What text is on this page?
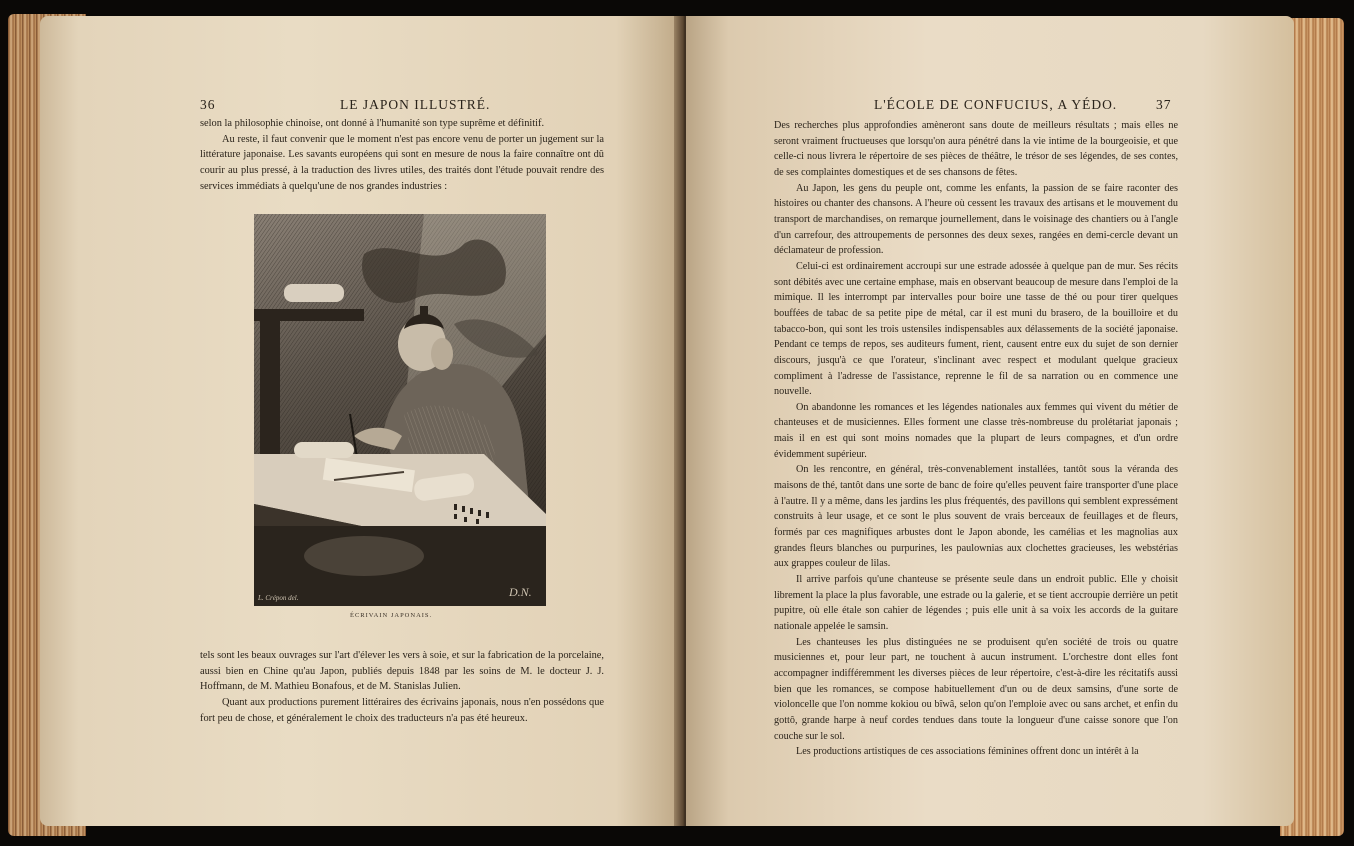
36	LE JAPON ILLUSTRÉ.

selon la philosophie chinoise, ont donné à l'humanité son type suprême et définitif.

Au reste, il faut convenir que le moment n'est pas encore venu de porter un jugement sur la littérature japonaise. Les savants européens qui sont en mesure de nous la faire connaître ont dû courir au plus pressé, à la traduction des livres utiles, des traités dont l'étude pouvait rendre des services immédiats à quelqu'une de nos grandes industries :

L. Crépon del.	D.N.
ÉCRIVAIN JAPONAIS.

tels sont les beaux ouvrages sur l'art d'élever les vers à soie, et sur la fabrication de la porcelaine, aussi bien en Chine qu'au Japon, publiés depuis 1848 par les soins de M. le docteur J. J. Hoffmann, de M. Mathieu Bonafous, et de M. Stanislas Julien.

Quant aux productions purement littéraires des écrivains japonais, nous n'en possédons que fort peu de chose, et généralement le choix des traducteurs n'a pas été heureux.

L'ÉCOLE DE CONFUCIUS, A YÉDO.	37

Des recherches plus approfondies amèneront sans doute de meilleurs résultats ; mais elles ne seront vraiment fructueuses que lorsqu'on aura pénétré dans la vie intime de la bourgeoisie, et que celle-ci nous livrera le répertoire de ses pièces de théâtre, le trésor de ses légendes, de ses contes, de ses complaintes domestiques et de ses chansons de fêtes.

Au Japon, les gens du peuple ont, comme les enfants, la passion de se faire raconter des histoires ou chanter des chansons. A l'heure où cessent les travaux des artisans et le mouvement du transport de marchandises, on remarque journellement, dans le voisinage des chantiers ou à l'angle d'un carrefour, des attroupements de personnes des deux sexes, rangées en demi-cercle devant un déclamateur de profession.

Celui-ci est ordinairement accroupi sur une estrade adossée à quelque pan de mur. Ses récits sont débités avec une certaine emphase, mais en observant beaucoup de mesure dans l'emploi de la mimique. Il les interrompt par intervalles pour boire une tasse de thé ou pour tirer quelques bouffées de tabac de sa petite pipe de métal, car il est muni du brasero, de la bouilloire et du tabacco-bon, qui sont les trois ustensiles indispensables aux délassements de la société japonaise. Pendant ce temps de repos, ses auditeurs fument, rient, causent entre eux du sujet de son dernier discours, jusqu'à ce que l'orateur, s'inclinant avec respect et modulant quelque gracieux compliment à l'adresse de l'assistance, reprenne le fil de sa narration ou en commence une nouvelle.

On abandonne les romances et les légendes nationales aux femmes qui vivent du métier de chanteuses et de musiciennes. Elles forment une classe très-nombreuse du prolétariat japonais ; mais il en est qui sont moins nomades que la plupart de leurs compagnes, et d'un ordre évidemment supérieur.

On les rencontre, en général, très-convenablement installées, tantôt sous la véranda des maisons de thé, tantôt dans une sorte de banc de foire qu'elles peuvent faire transporter d'une place à l'autre. Il y a même, dans les jardins les plus fréquentés, des pavillons qui semblent expressément construits à leur usage, et ce sont le plus souvent de vrais berceaux de feuillages et de fleurs, formés par ces magnifiques arbustes dont le Japon abonde, les camélias et les magnolias aux grandes fleurs blanches ou purpurines, les paulownias aux clochettes gracieuses, les webstérias aux grappes couleur de lilas.

Il arrive parfois qu'une chanteuse se présente seule dans un endroit public. Elle y choisit librement la place la plus favorable, une estrade ou la galerie, et se tient accroupie derrière un petit pupitre, où elle étale son cahier de légendes ; puis elle unit à sa voix les accords de la guitare nationale appelée le samsin.

Les chanteuses les plus distinguées ne se produisent qu'en société de trois ou quatre musiciennes et, pour leur part, ne touchent à aucun instrument. L'orchestre dont elles font accompagner indifféremment les diverses pièces de leur répertoire, c'est-à-dire les récitatifs aussi bien que les romances, se compose habituellement d'un ou de deux samsins, d'une sorte de violoncelle que l'on nomme kokiou ou bîwâ, selon qu'on l'emploie avec ou sans archet, et enfin du gottô, grande harpe à neuf cordes tendues dans toute la longueur d'une caisse sonore que l'on couche sur le sol.

Les productions artistiques de ces associations féminines offrent donc un intérêt à la
